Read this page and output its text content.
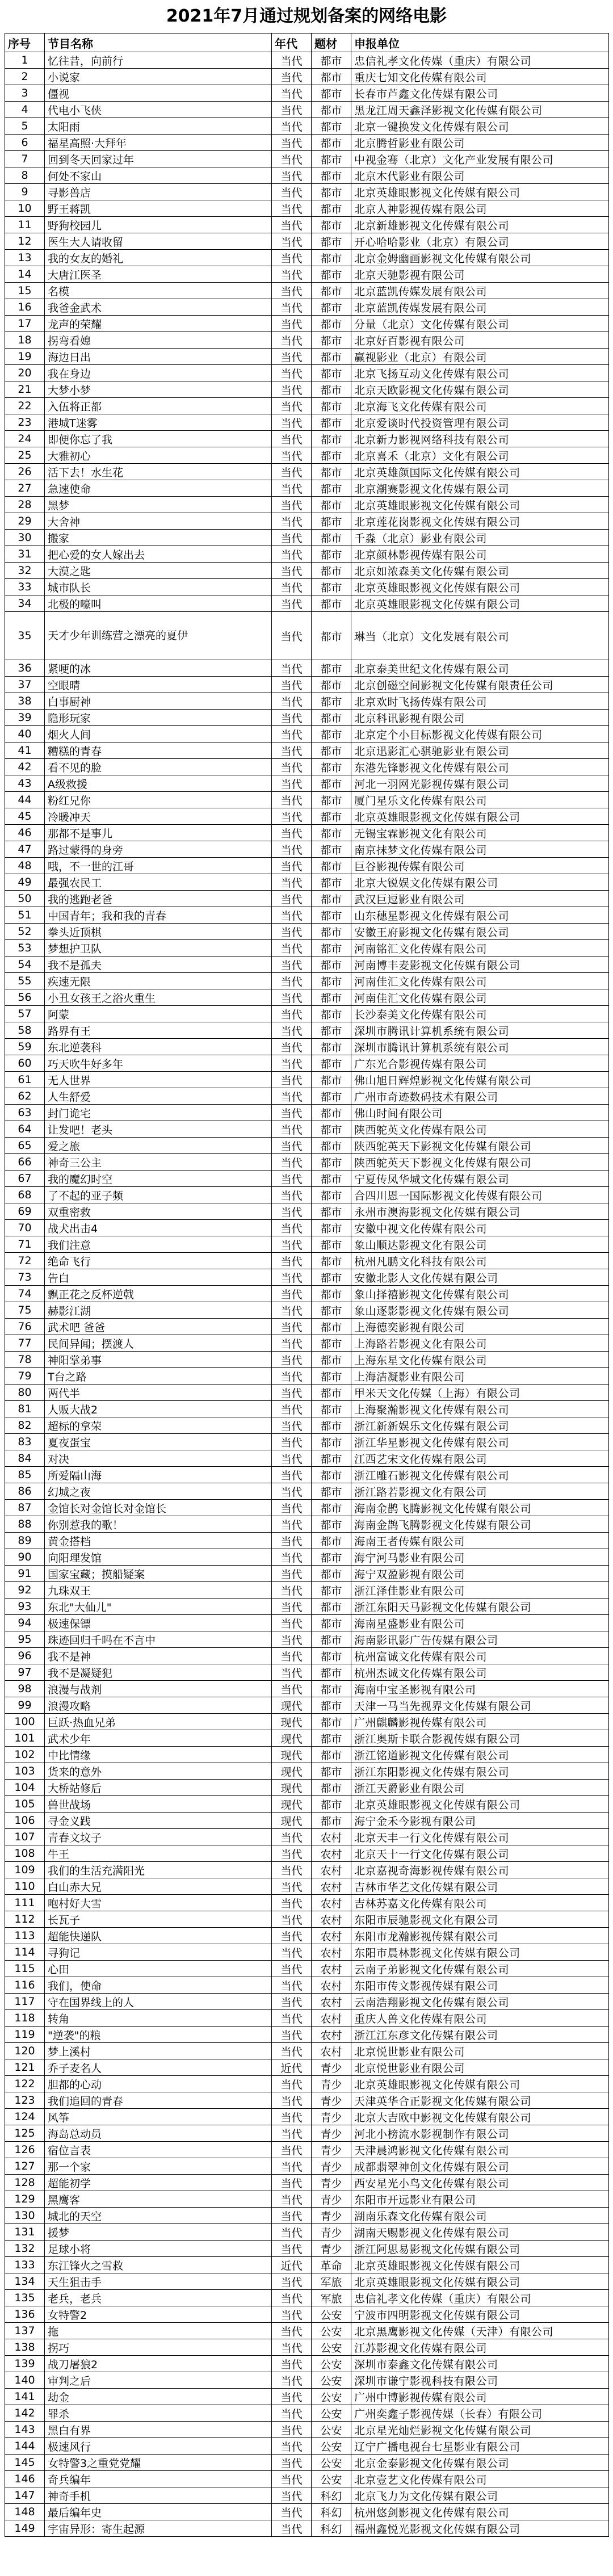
2021年7月通过规划备案的网络电影
序号	节目名称	年代	题材	申报单位
1	忆往昔，向前行	当代	都市	忠信礼孝文化传媒（重庆）有限公司
2	小说家	当代	都市	重庆七知文化传媒有限公司
3	僵视	当代	都市	长春市芦鑫文化传媒有限公司
4	代电小飞侠	当代	都市	黑龙江周天鑫泽影视文化传媒有限公司
5	太阳雨	当代	都市	北京一键换发文化传媒有限公司
6	福星高照·大拜年	当代	都市	北京腾哲影业有限公司
7	回到冬天回家过年	当代	都市	中视金骞（北京）文化产业发展有限公司
8	何处不家山	当代	都市	北京木代影业有限公司
9	寻影兽店	当代	都市	北京英雄眼影视文化传媒有限公司
10	野王蒋凯	当代	都市	北京人神影视传媒有限公司
11	野狗校园儿	当代	都市	北京新雄影视文化传媒有限公司
12	医生大人请收留	当代	都市	开心哈哈影业（北京）有限公司
13	我的女友的婚礼	当代	都市	北京金姆幽画影视文化传媒有限公司
14	大唐江医圣	当代	都市	北京天驰影视有限公司
15	名模	当代	都市	北京蓝凯传媒发展有限公司
16	我爸金武术	当代	都市	北京蓝凯传媒发展有限公司
17	龙声的荣耀	当代	都市	分量（北京）文化传媒有限公司
18	拐弯看媳	当代	都市	北京好百影视有限公司
19	海边日出	当代	都市	赢视影业（北京）有限公司
20	我在身边	当代	都市	北京飞扬互动文化传媒有限公司
21	大梦小梦	当代	都市	北京天欧影视文化传媒有限公司
22	入伍将正都	当代	都市	北京海飞文化传媒有限公司
23	港城T迷雾	当代	都市	北京爱谈时代投资管理有限公司
24	即便你忘了我	当代	都市	北京新力影视网络科技有限公司
25	大雅初心	当代	都市	北京喜禾（北京）文化有限公司
26	活下去！水生花	当代	都市	北京英雄颜国际文化传媒有限公司
27	急速使命	当代	都市	北京潮赛影视文化传媒有限公司
28	黑梦	当代	都市	北京英雄眼影视文化传媒有限公司
29	大舍神	当代	都市	北京莲花岗影视文化传媒有限公司
30	搬家	当代	都市	千淼（北京）影业有限公司
31	把心爱的女人嫁出去	当代	都市	北京颜林影视传媒有限公司
32	大漠之匙	当代	都市	北京如浓森美文化传媒有限公司
33	城市队长	当代	都市	北京英雄眼影视文化传媒有限公司
34	北极的嚎叫	当代	都市	北京英雄眼影视文化传媒有限公司
35	天才少年训练营之漂亮的夏伊	当代	都市	琳当（北京）文化发展有限公司
36	紧哽的冰	当代	都市	北京泰美世纪文化传媒有限公司
37	空眼晴	当代	都市	北京创磁空间影视文化传媒有限责任公司
38	白事厨神	当代	都市	北京欢时飞扬传媒有限公司
39	隐形玩家	当代	都市	北京科讯影视有限公司
40	烟火人间	当代	都市	北京定个小目标影视文化传媒有限公司
41	糟糕的青春	当代	都市	北京迅影汇心骐驰影业有限公司
42	看不见的脸	当代	都市	东港先锋影视文化传媒有限公司
43	A级救援	当代	都市	河北一羽网光影视传媒有限公司
44	粉红兄你	当代	都市	厦门星乐文化传媒有限公司
45	冷暖冲天	当代	都市	北京英雄眼影视文化传媒有限公司
46	那都不是事儿	当代	都市	无锡宝霖影视文化有限公司
47	路过蒙得的身旁	当代	都市	南京抹梦文化传媒有限公司
48	哦，不一世的江哥	当代	都市	巨谷影视传媒有限公司
49	最强农民工	当代	都市	北京大锐娱文化传媒有限公司
50	我的逃跑老爸	当代	都市	武汉巨逗影业有限公司
51	中国青年；我和我的青春	当代	都市	山东穗星影视文化传媒有限公司
52	拳头近顶棋	当代	都市	安徽王府影视文化传媒有限公司
53	梦想护卫队	当代	都市	河南铭汇文化传媒有限公司
54	我不是孤夫	当代	都市	河南博丰麦影视文化传媒有限公司
55	疾速无限	当代	都市	河南佳汇文化传媒有限公司
56	小丑女孩王之浴火重生	当代	都市	河南佳汇文化传媒有限公司
57	阿蒙	当代	都市	长沙泰美文化传媒有限公司
58	路界有王	当代	都市	深圳市腾讯计算机系统有限公司
59	东北逆袭科	当代	都市	深圳市腾讯计算机系统有限公司
60	巧天吹牛好多年	当代	都市	广东光合影视传媒有限公司
61	无人世界	当代	都市	佛山旭日辉煌影视文化传媒有限公司
62	人生舒爱	当代	都市	广州市奇迹数码技术有限公司
63	封门诡宅	当代	都市	佛山时间有限公司
64	让发吧！老头	当代	都市	陕西鸵英文化传媒有限公司
65	爱之旅	当代	都市	陕西鸵英天下影视文化传媒有限公司
66	神奇三公主	当代	都市	陕西鸵英天下影视文化传媒有限公司
67	我的魔幻时空	当代	都市	宁夏传凤华城文化传媒有限公司
68	了不起的亚子频	当代	都市	合四川恩一国际影视文化传媒有限公司
69	双重密救	当代	都市	永州市澳海影视文化传媒有限公司
70	战犬出击4	当代	都市	安徽中视文化传媒有限公司
71	我们注意	当代	都市	象山顺达影视文化有限公司
72	绝命飞行	当代	都市	杭州凡鹏文化科技有限公司
73	告白	当代	都市	安徽北影人文化传媒有限公司
74	飘正花之反杯逆戟	当代	都市	象山择禧影视文化传媒有限公司
75	赫影江湖	当代	都市	象山逐影影视文化传媒有限公司
76	武术吧 爸爸	当代	都市	上海德奕影视有限公司
77	民间异闻；摆渡人	当代	都市	上海路若影视文化有限公司
78	神阳掌弟事	当代	都市	上海东星文化传媒有限公司
79	T台之路	当代	都市	上海洁凝影业有限公司
80	两代半	当代	都市	甲米天文化传媒（上海）有限公司
81	人贩大战2	当代	都市	上海聚瀚影视文化传媒有限公司
82	超标的拿荣	当代	都市	浙江新新娱乐文化传媒有限公司
83	夏夜蛋宝	当代	都市	浙江华星影视文化传媒有限公司
84	对决	当代	都市	江西艺宋文化传媒有限公司
85	所爱隔山海	当代	都市	浙江雕石影视文化传媒有限公司
86	幻城之夜	当代	都市	浙江路若影视文化有限公司
87	金馆长对金馆长对金馆长	当代	都市	海南金鹊飞腾影视文化传媒有限公司
88	你别惹我的歌！	当代	都市	海南金鹊飞腾影视文化传媒有限公司
89	黄金搭档	当代	都市	海南王者传媒有限公司
90	向阳理发馆	当代	都市	海宁河马影业有限公司
91	国家宝藏；摸船疑案	当代	都市	海宁双盈影视有限公司
92	九珠双王	当代	都市	浙江泽佳影业有限公司
93	东北"大仙儿"	当代	都市	浙江东阳天马影视文化传媒有限公司
94	极速保镖	当代	都市	海南星盛影业有限公司
95	珠迹回归千吗在不言中	当代	都市	海南影讯影广告传媒有限公司
96	我不是神	当代	都市	杭州富诚文化传媒有限公司
97	我不是凝疑犯	当代	都市	杭州杰诚文化传媒有限公司
98	浪漫与战剂	当代	都市	海南中宝圣影视有限公司
99	浪漫攻略	现代	都市	天津一马当先视界文化传媒有限公司
100	巨跃·热血兄弟	现代	都市	广州麒麟影视传媒有限公司
101	武术少年	现代	都市	浙江奥斯卡联合影视传媒有限公司
102	中比情缘	现代	都市	浙江铭道影视文化传媒有限公司
103	货来的意外	现代	都市	浙江东阳影视文化传媒有限公司
104	大桥站修后	现代	都市	浙江天爵影业有限公司
105	兽世战场	现代	都市	北京英雄眼影视文化传媒有限公司
106	寻金义践	现代	都市	海宁金禾今影视有限公司
107	青春文坟子	当代	农村	北京天丰一行文化传媒有限公司
108	牛王	当代	农村	北京天十一行文化传媒有限公司
109	我们的生活充满阳光	当代	农村	北京嘉视奇海影视传媒有限公司
110	白山赤大兄	当代	农村	吉林市华艺文化传媒有限公司
111	咆村好大雪	当代	农村	吉林苏嘉文化传媒有限公司
112	长瓦子	当代	农村	东阳市辰驰影视文化有限公司
113	超能快递队	当代	农村	东阳市龙瀚影视传媒有限公司
114	寻狗记	当代	农村	东阳市晨林影视文化传媒有限公司
115	心田	当代	农村	云南子弟影视文化传媒有限公司
116	我们，使命	当代	农村	东阳市传文影视传媒有限公司
117	守在国界线上的人	当代	农村	云南浩翔影视文化传媒有限公司
118	转角	当代	农村	重庆人兽文化传媒有限公司
119	"逆袭"的粮	当代	农村	浙江江东彦文化传媒有限公司
120	梦上溪村	当代	农村	北京悦世影业有限公司
121	乔子麦名人	近代	青少	北京悦世影业有限公司
122	胆都的心动	当代	青少	北京英雄眼影视文化传媒有限公司
123	我们追回的青春	当代	青少	天津英华合正影视文化传媒有限公司
124	风筝	当代	青少	北京大吉欧中影视文化传媒有限公司
125	海岛总动员	当代	青少	河北小榜流水影视制作有限公司
126	宿位言表	当代	青少	天津晨鸿影视文化传媒有限公司
127	那一个家	当代	青少	成都翡翠神创文化传媒有限公司
128	超能初学	当代	青少	西安星光小鸟文化传媒有限公司
129	黑鹰客	当代	青少	东阳市开远影业有限公司
130	城北的天空	当代	青少	湖南乐森文化传媒有限公司
131	援梦	当代	青少	湖南天赐影视文化传媒有限公司
132	足球小将	当代	青少	浙江阿思易影视文化传媒有限公司
133	东江锋火之雪救	近代	革命	北京英雄眼影视文化传媒有限公司
134	天生狙击手	当代	军旅	北京英雄眼影视文化传媒有限公司
135	老兵，老兵	当代	军旅	忠信礼孝文化传媒（重庆）有限公司
136	女特警2	当代	公安	宁波市四明影视文化传媒有限公司
137	拖	当代	公安	北京黑鹰影视文化传媒（天津）有限公司
138	拐巧	当代	公安	江苏影视文化传媒有限公司
139	战刀屠狼2	当代	公安	深圳市泰鑫文化传媒有限公司
140	审判之后	当代	公安	深圳市谦宁影视科技有限公司
141	劫金	当代	公安	广州中博影视传媒有限公司
142	罪杀	当代	公安	广州奕鑫子影视传媒（长春）有限公司
143	黑白有界	当代	公安	北京星光灿烂影视文化传媒有限公司
144	极速风行	当代	公安	辽宁广播电视台七星影业有限公司
145	女特警3之重党党耀	当代	公安	北京金泰影视文化传媒有限公司
146	奇兵编年	当代	公安	北京壹艺文化传媒有限公司
147	神奇手机	当代	科幻	北京飞力为文化传媒有限公司
148	最后编年史	当代	科幻	杭州悠剑影视文化传媒有限公司
149	宇宙异形：寄生起源	当代	科幻	福州鑫悦光影视文化传媒有限公司
